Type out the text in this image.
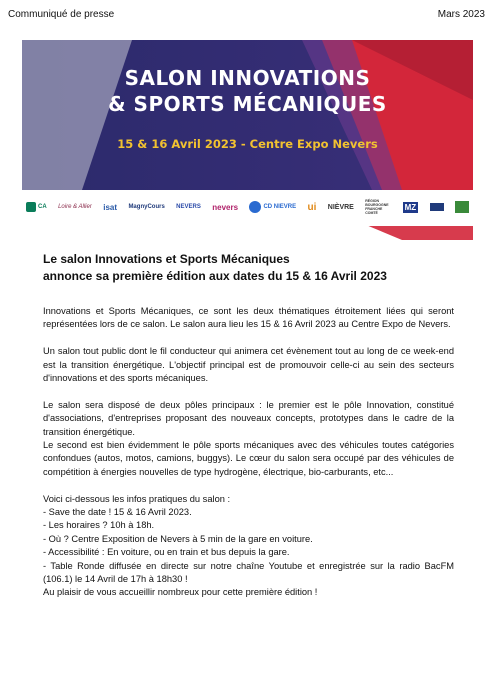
Communiqué de presse	Mars 2023
SALON INNOVATIONS
& SPORTS MÉCANIQUES
15 & 16 Avril 2023 - Centre Expo Nevers
CA Loire & Allier isat MagnyCours NEVERS nevers	CD NIEVRE ui NIÈVRE
RÉGION BOURGOGNE FRANCHE COMTÉ
MZ
Le salon Innovations et Sports Mécaniques
annonce sa première édition aux dates du 15 & 16 Avril 2023

Innovations et Sports Mécaniques, ce sont les deux thématiques étroitement liées qui seront représentées lors de ce salon. Le salon aura lieu les 15 & 16 Avril 2023 au Centre Expo de Nevers.

Un salon tout public dont le fil conducteur qui animera cet évènement tout au long de ce week-end est la transition énergétique. L'objectif principal est de promouvoir celle-ci au sein des secteurs d'innovations et des sports mécaniques.

Le salon sera disposé de deux pôles principaux : le premier est le pôle Innovation, constitué d'associations, d'entreprises proposant des nouveaux concepts, prototypes dans le cadre de la transition énergétique.

Le second est bien évidemment le pôle sports mécaniques avec des véhicules toutes catégories confondues (autos, motos, camions, buggys). Le cœur du salon sera occupé par des véhicules de compétition à énergies nouvelles de type hydrogène, électrique, bio-carburants, etc...

Voici ci-dessous les infos pratiques du salon :

- Save the date ! 15 & 16 Avril 2023.

- Les horaires ? 10h à 18h.

- Où ? Centre Exposition de Nevers à 5 min de la gare en voiture.

- Accessibilité : En voiture, ou en train et bus depuis la gare.

- Table Ronde diffusée en directe sur notre chaîne Youtube et enregistrée sur la radio BacFM (106.1) le 14 Avril de 17h à 18h30 !

Au plaisir de vous accueillir nombreux pour cette première édition !
